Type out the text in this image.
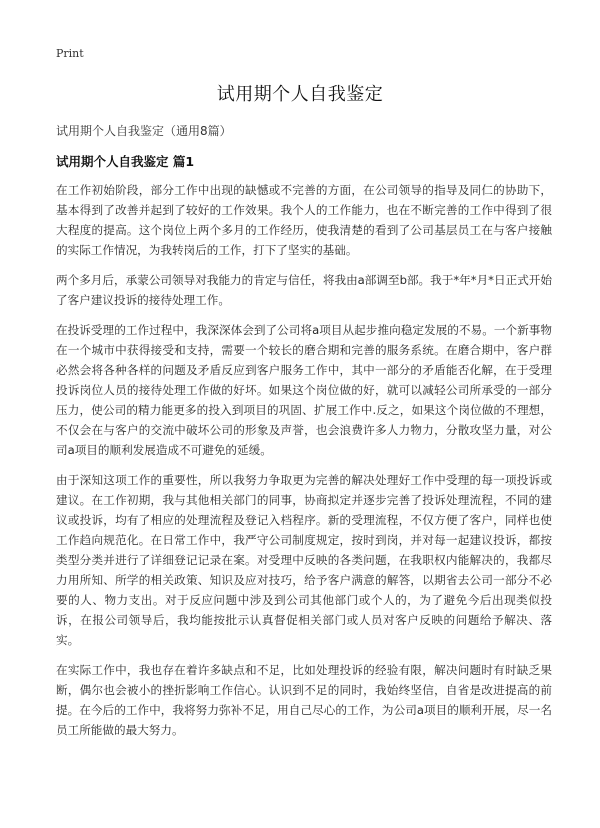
Print
试用期个人自我鉴定
试用期个人自我鉴定（通用8篇）
试用期个人自我鉴定 篇1

在工作初始阶段，部分工作中出现的缺憾或不完善的方面，在公司领导的指导及同仁的协助下，基本得到了改善并起到了较好的工作效果。我个人的工作能力，也在不断完善的工作中得到了很大程度的提高。这个岗位上两个多月的工作经历，使我清楚的看到了公司基层员工在与客户接触的实际工作情况，为我转岗后的工作，打下了坚实的基础。

两个多月后，承蒙公司领导对我能力的肯定与信任，将我由a部调至b部。我于*年*月*日正式开始了客户建议投诉的接待处理工作。

在投诉受理的工作过程中，我深深体会到了公司将a项目从起步推向稳定发展的不易。一个新事物在一个城市中获得接受和支持，需要一个较长的磨合期和完善的服务系统。在磨合期中，客户群必然会将各种各样的问题及矛盾反应到客户服务工作中，其中一部分的矛盾能否化解，在于受理投诉岗位人员的接待处理工作做的好坏。如果这个岗位做的好，就可以减轻公司所承受的一部分压力，使公司的精力能更多的投入到项目的巩固、扩展工作中.反之，如果这个岗位做的不理想，不仅会在与客户的交流中破坏公司的形象及声誉，也会浪费许多人力物力，分散攻坚力量，对公司a项目的顺利发展造成不可避免的延缓。

由于深知这项工作的重要性，所以我努力争取更为完善的解决处理好工作中受理的每一项投诉或建议。在工作初期，我与其他相关部门的同事，协商拟定并逐步完善了投诉处理流程，不同的建议或投诉，均有了相应的处理流程及登记入档程序。新的受理流程，不仅方便了客户，同样也使工作趋向规范化。在日常工作中，我严守公司制度规定，按时到岗，并对每一起建议投诉，都按类型分类并进行了详细登记记录在案。对受理中反映的各类问题，在我职权内能解决的，我都尽力用所知、所学的相关政策、知识及应对技巧，给予客户满意的解答，以期省去公司一部分不必要的人、物力支出。对于反应问题中涉及到公司其他部门或个人的，为了避免今后出现类似投诉，在报公司领导后，我均能按批示认真督促相关部门或人员对客户反映的问题给予解决、落实。

在实际工作中，我也存在着许多缺点和不足，比如处理投诉的经验有限，解决问题时有时缺乏果断，偶尔也会被小的挫折影响工作信心。认识到不足的同时，我始终坚信，自省是改进提高的前提。在今后的工作中，我将努力弥补不足，用自己尽心的工作，为公司a项目的顺利开展，尽一名员工所能做的最大努力。
